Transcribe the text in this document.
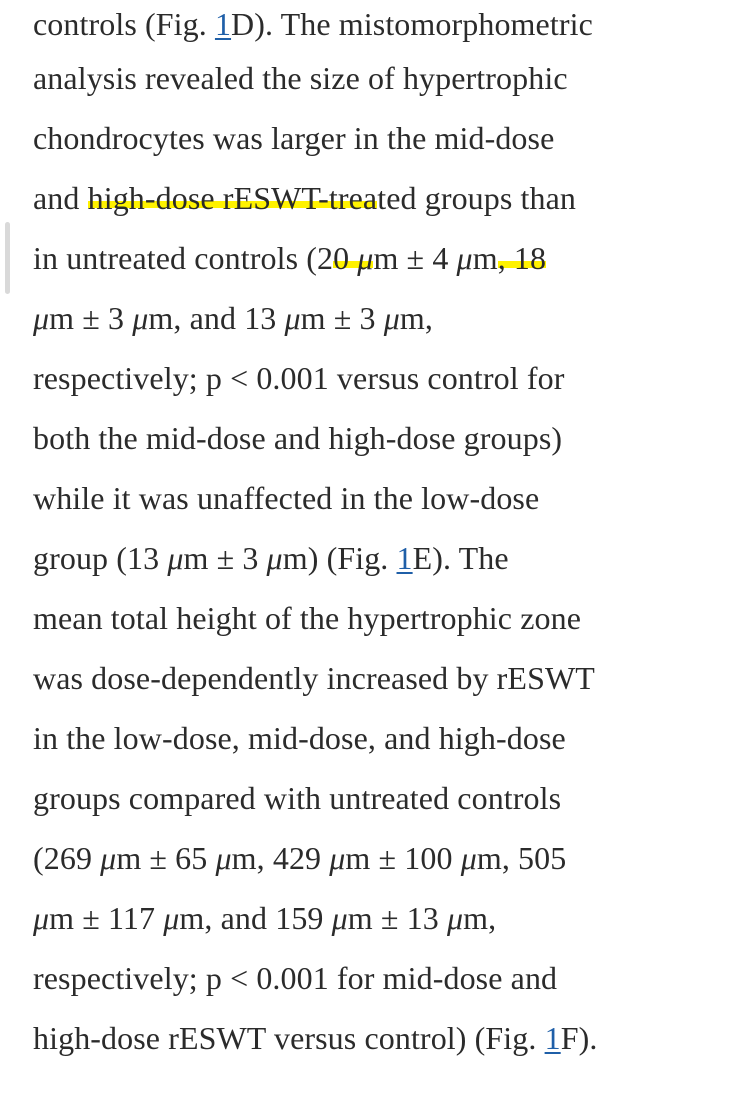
controls (Fig. 1D). The mistomorphometric
analysis revealed the size of hypertrophic
chondrocytes was larger in the mid-dose
and high-dose rESWT-treated groups than
in untreated controls (20 μm ± 4 μm, 18
μm ± 3 μm, and 13 μm ± 3 μm,
respectively; p < 0.001 versus control for
both the mid-dose and high-dose groups)
while it was unaffected in the low-dose
group (13 μm ± 3 μm) (Fig. 1E). The
mean total height of the hypertrophic zone
was dose-dependently increased by rESWT
in the low-dose, mid-dose, and high-dose
groups compared with untreated controls
(269 μm ± 65 μm, 429 μm ± 100 μm, 505
μm ± 117 μm, and 159 μm ± 13 μm,
respectively; p < 0.001 for mid-dose and
high-dose rESWT versus control) (Fig. 1F).
